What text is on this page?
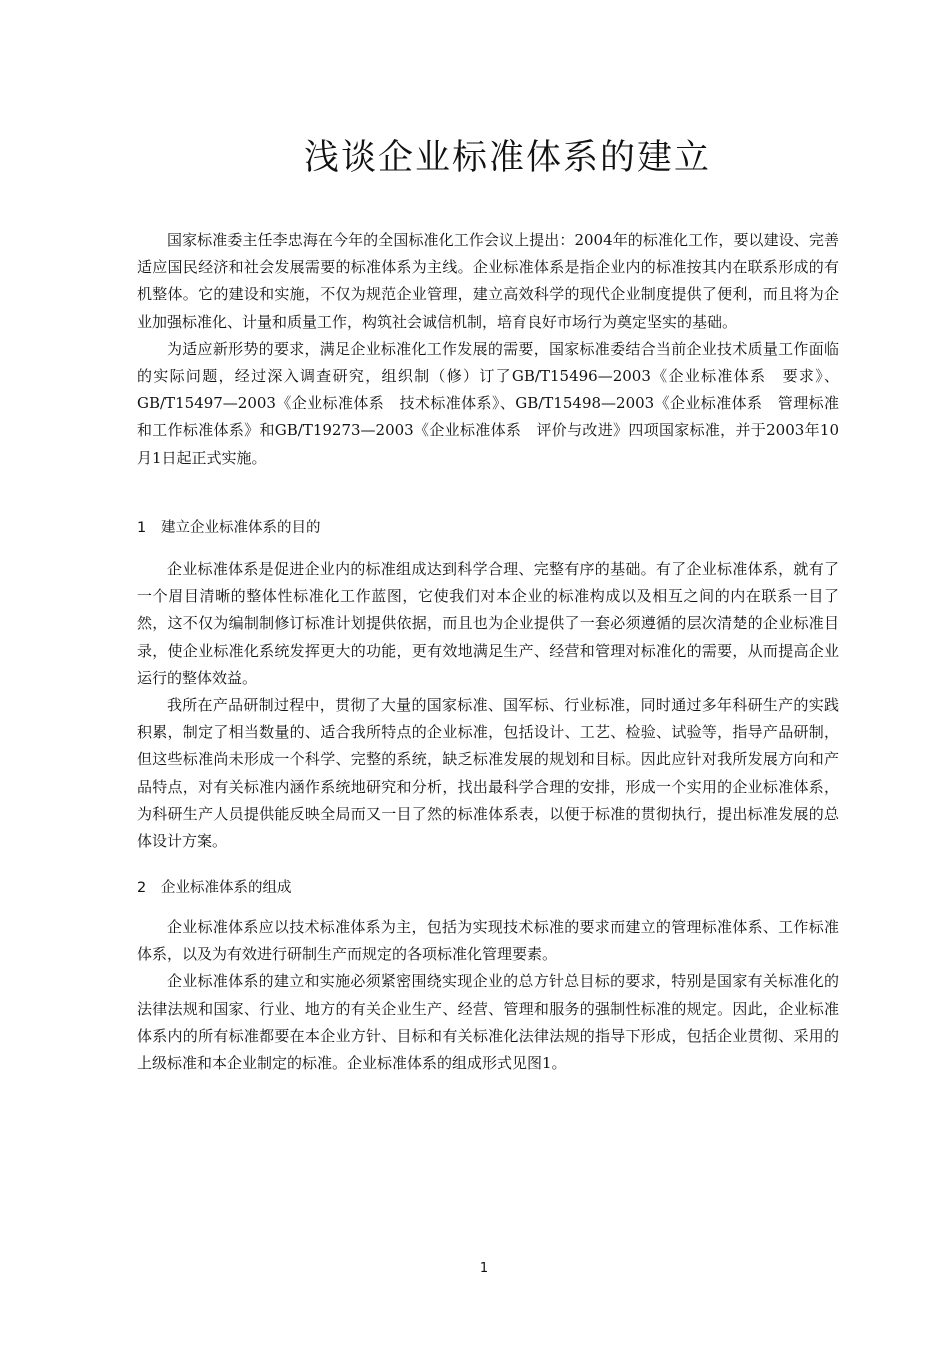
浅谈企业标准体系的建立

国家标准委主任李忠海在今年的全国标准化工作会议上提出：2004年的标准化工作，要以建设、完善适应国民经济和社会发展需要的标准体系为主线。企业标准体系是指企业内的标准按其内在联系形成的有机整体。它的建设和实施，不仅为规范企业管理，建立高效科学的现代企业制度提供了便利，而且将为企业加强标准化、计量和质量工作，构筑社会诚信机制，培育良好市场行为奠定坚实的基础。

为适应新形势的要求，满足企业标准化工作发展的需要，国家标准委结合当前企业技术质量工作面临的实际问题，经过深入调查研究，组织制（修）订了GB/T15496—2003《企业标准体系　要求》、GB/T15497—2003《企业标准体系　技术标准体系》、GB/T15498—2003《企业标准体系　管理标准和工作标准体系》和GB/T19273—2003《企业标准体系　评价与改进》四项国家标准，并于2003年10月1日起正式实施。

1 建立企业标准体系的目的

企业标准体系是促进企业内的标准组成达到科学合理、完整有序的基础。有了企业标准体系，就有了一个眉目清晰的整体性标准化工作蓝图，它使我们对本企业的标准构成以及相互之间的内在联系一目了然，这不仅为编制制修订标准计划提供依据，而且也为企业提供了一套必须遵循的层次清楚的企业标准目录，使企业标准化系统发挥更大的功能，更有效地满足生产、经营和管理对标准化的需要，从而提高企业运行的整体效益。

我所在产品研制过程中，贯彻了大量的国家标准、国军标、行业标准，同时通过多年科研生产的实践积累，制定了相当数量的、适合我所特点的企业标准，包括设计、工艺、检验、试验等，指导产品研制，但这些标准尚未形成一个科学、完整的系统，缺乏标准发展的规划和目标。因此应针对我所发展方向和产品特点，对有关标准内涵作系统地研究和分析，找出最科学合理的安排，形成一个实用的企业标准体系，为科研生产人员提供能反映全局而又一目了然的标准体系表，以便于标准的贯彻执行，提出标准发展的总体设计方案。

2 企业标准体系的组成

企业标准体系应以技术标准体系为主，包括为实现技术标准的要求而建立的管理标准体系、工作标准体系，以及为有效进行研制生产而规定的各项标准化管理要素。

企业标准体系的建立和实施必须紧密围绕实现企业的总方针总目标的要求，特别是国家有关标准化的法律法规和国家、行业、地方的有关企业生产、经营、管理和服务的强制性标准的规定。因此，企业标准体系内的所有标准都要在本企业方针、目标和有关标准化法律法规的指导下形成，包括企业贯彻、采用的上级标准和本企业制定的标准。企业标准体系的组成形式见图1。

1
